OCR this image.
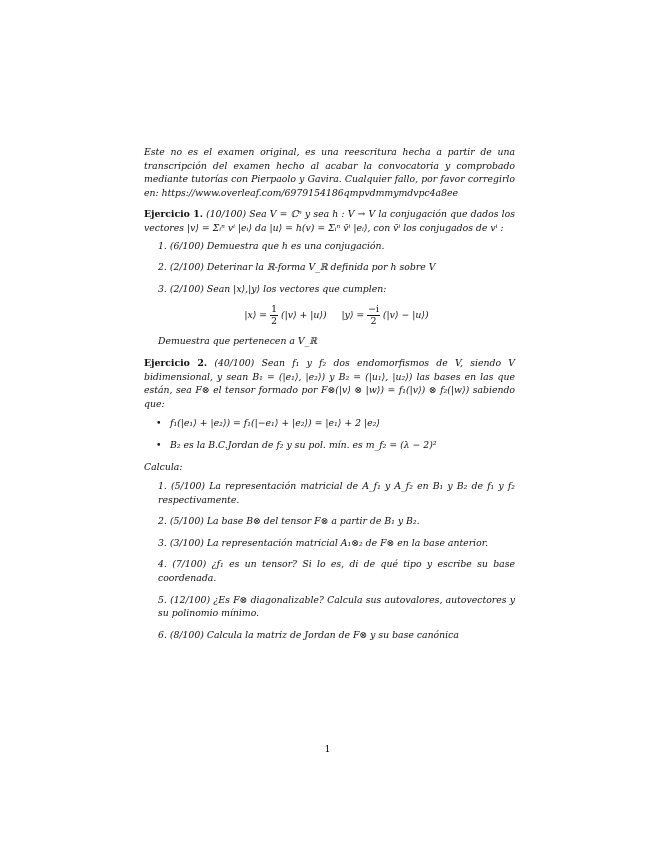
Este no es el examen original, es una reescritura hecha a partir de una transcripción del examen hecho al acabar la convocatoria y comprobado mediante tutorías con Pierpaolo y Gavira. Cualquier fallo, por favor corregirlo en: https://www.overleaf.com/6979154186qmpvdmmymdvpc4a8ee

Ejercicio 1. (10/100) Sea V = ℂⁿ y sea h : V → V la conjugación que dados los vectores |v⟩ = Σᵢⁿ vⁱ |eᵢ⟩ da |u⟩ = h(v) = Σᵢⁿ v̄ⁱ |eᵢ⟩, con v̄ⁱ los conjugados de vⁱ :
1. (6/100) Demuestra que h es una conjugación.
2. (2/100) Deterinar la ℝ-forma V_ℝ definida por h sobre V
3. (2/100) Sean |x⟩,|y⟩ los vectores que cumplen:
|x⟩ = $\frac{1}{2}$ (|v⟩ + |u⟩) |y⟩ = $\frac{-i}{2}$ (|v⟩ − |u⟩)
Demuestra que pertenecen a V_ℝ
Ejercicio 2. (40/100) Sean f₁ y f₂ dos endomorfismos de V, siendo V bidimensional, y sean B₁ = (|e₁⟩, |e₂⟩) y B₂ = (|u₁⟩, |u₂⟩) las bases en las que están, sea F⊗ el tensor formado por F⊗(|v⟩ ⊗ |w⟩) = f₁(|v⟩) ⊗ f₂(|w⟩) sabiendo que:
• f₁(|e₁⟩ + |e₂⟩) = f₁(|−e₁⟩ + |e₂⟩) = |e₁⟩ + 2 |e₂⟩
• B₂ es la B.C.Jordan de f₂ y su pol. mín. es m_f₂ = (λ − 2)²
Calcula:
1. (5/100) La representación matricial de A_f₁ y A_f₂ en B₁ y B₂ de f₁ y f₂ respectivamente.
2. (5/100) La base B⊗ del tensor F⊗ a partir de B₁ y B₂.
3. (3/100) La representación matricial A₁⊗₂ de F⊗ en la base anterior.
4. (7/100) ¿f₁ es un tensor? Si lo es, di de qué tipo y escribe su base coordenada.
5. (12/100) ¿Es F⊗ diagonalizable? Calcula sus autovalores, autovectores y su polinomio mínimo.
6. (8/100) Calcula la matriz de Jordan de F⊗ y su base canónica
1
